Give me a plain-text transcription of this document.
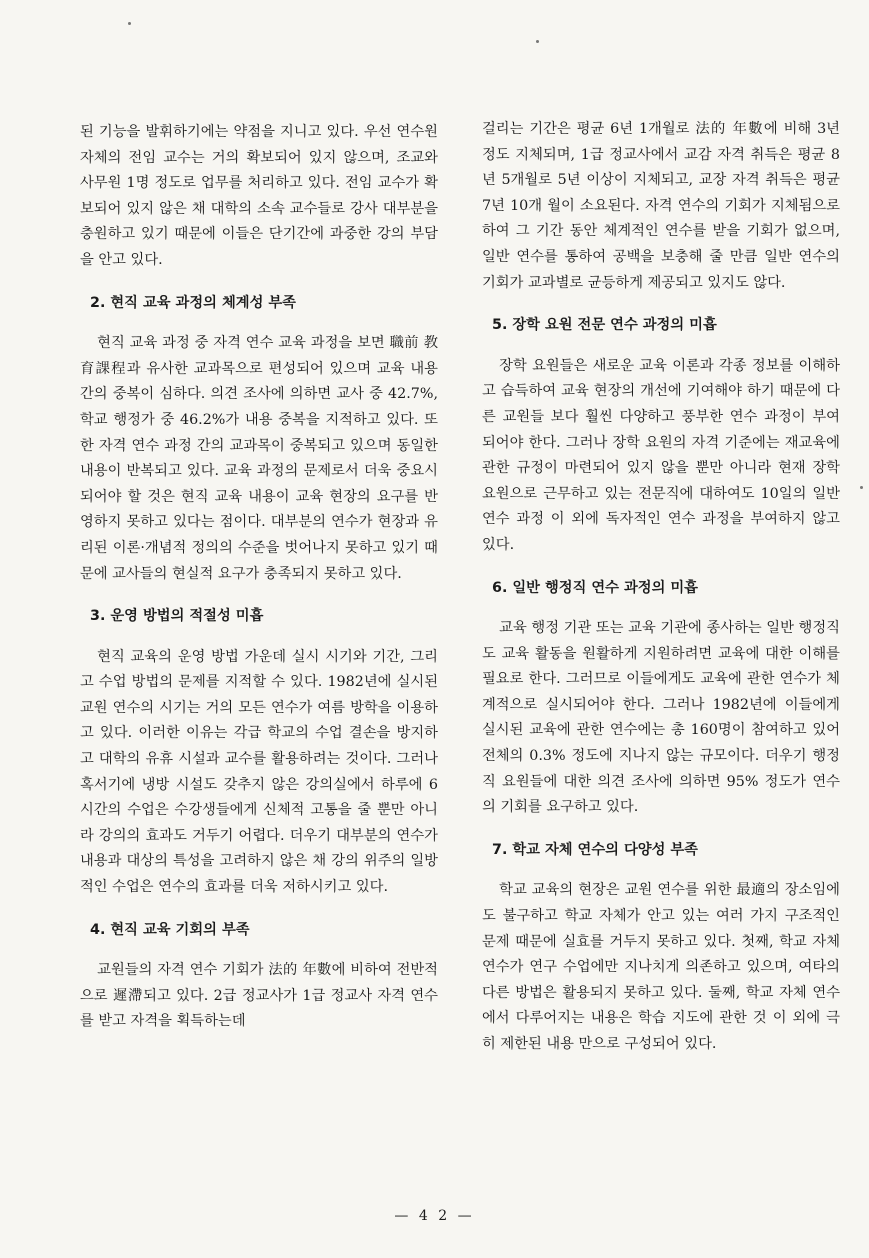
된 기능을 발휘하기에는 약점을 지니고 있다. 우선 연수원 자체의 전임 교수는 거의 확보되어 있지 않으며, 조교와 사무원 1명 정도로 업무를 처리하고 있다. 전임 교수가 확보되어 있지 않은 채 대학의 소속 교수들로 강사 대부분을 충원하고 있기 때문에 이들은 단기간에 과중한 강의 부담을 안고 있다.

2. 현직 교육 과정의 체계성 부족

현직 교육 과정 중 자격 연수 교육 과정을 보면 職前 教育課程과 유사한 교과목으로 편성되어 있으며 교육 내용 간의 중복이 심하다. 의견 조사에 의하면 교사 중 42.7%, 학교 행정가 중 46.2%가 내용 중복을 지적하고 있다. 또한 자격 연수 과정 간의 교과목이 중복되고 있으며 동일한 내용이 반복되고 있다. 교육 과정의 문제로서 더욱 중요시되어야 할 것은 현직 교육 내용이 교육 현장의 요구를 반영하지 못하고 있다는 점이다. 대부분의 연수가 현장과 유리된 이론·개념적 정의의 수준을 벗어나지 못하고 있기 때문에 교사들의 현실적 요구가 충족되지 못하고 있다.

3. 운영 방법의 적절성 미흡

현직 교육의 운영 방법 가운데 실시 시기와 기간, 그리고 수업 방법의 문제를 지적할 수 있다. 1982년에 실시된 교원 연수의 시기는 거의 모든 연수가 여름 방학을 이용하고 있다. 이러한 이유는 각급 학교의 수업 결손을 방지하고 대학의 유휴 시설과 교수를 활용하려는 것이다. 그러나 혹서기에 냉방 시설도 갖추지 않은 강의실에서 하루에 6시간의 수업은 수강생들에게 신체적 고통을 줄 뿐만 아니라 강의의 효과도 거두기 어렵다. 더우기 대부분의 연수가 내용과 대상의 특성을 고려하지 않은 채 강의 위주의 일방적인 수업은 연수의 효과를 더욱 저하시키고 있다.

4. 현직 교육 기회의 부족

교원들의 자격 연수 기회가 法的 年數에 비하여 전반적으로 遲滯되고 있다. 2급 정교사가 1급 정교사 자격 연수를 받고 자격을 획득하는데

걸리는 기간은 평균 6년 1개월로 法的 年數에 비해 3년 정도 지체되며, 1급 정교사에서 교감 자격 취득은 평균 8년 5개월로 5년 이상이 지체되고, 교장 자격 취득은 평균 7년 10개 월이 소요된다. 자격 연수의 기회가 지체됨으로 하여 그 기간 동안 체계적인 연수를 받을 기회가 없으며, 일반 연수를 통하여 공백을 보충해 줄 만큼 일반 연수의 기회가 교과별로 균등하게 제공되고 있지도 않다.

5. 장학 요원 전문 연수 과정의 미흡

장학 요원들은 새로운 교육 이론과 각종 정보를 이해하고 습득하여 교육 현장의 개선에 기여해야 하기 때문에 다른 교원들 보다 훨씬 다양하고 풍부한 연수 과정이 부여 되어야 한다. 그러나 장학 요원의 자격 기준에는 재교육에 관한 규정이 마련되어 있지 않을 뿐만 아니라 현재 장학 요원으로 근무하고 있는 전문직에 대하여도 10일의 일반 연수 과정 이 외에 독자적인 연수 과정을 부여하지 않고 있다.

6. 일반 행정직 연수 과정의 미흡

교육 행정 기관 또는 교육 기관에 종사하는 일반 행정직도 교육 활동을 원활하게 지원하려면 교육에 대한 이해를 필요로 한다. 그러므로 이들에게도 교육에 관한 연수가 체계적으로 실시되어야 한다. 그러나 1982년에 이들에게 실시된 교육에 관한 연수에는 총 160명이 참여하고 있어 전체의 0.3% 정도에 지나지 않는 규모이다. 더우기 행정직 요원들에 대한 의견 조사에 의하면 95% 정도가 연수의 기회를 요구하고 있다.

7. 학교 자체 연수의 다양성 부족

학교 교육의 현장은 교원 연수를 위한 最適의 장소임에도 불구하고 학교 자체가 안고 있는 여러 가지 구조적인 문제 때문에 실효를 거두지 못하고 있다. 첫째, 학교 자체 연수가 연구 수업에만 지나치게 의존하고 있으며, 여타의 다른 방법은 활용되지 못하고 있다. 둘째, 학교 자체 연수에서 다루어지는 내용은 학습 지도에 관한 것 이 외에 극히 제한된 내용 만으로 구성되어 있다.

— 4 2 —
